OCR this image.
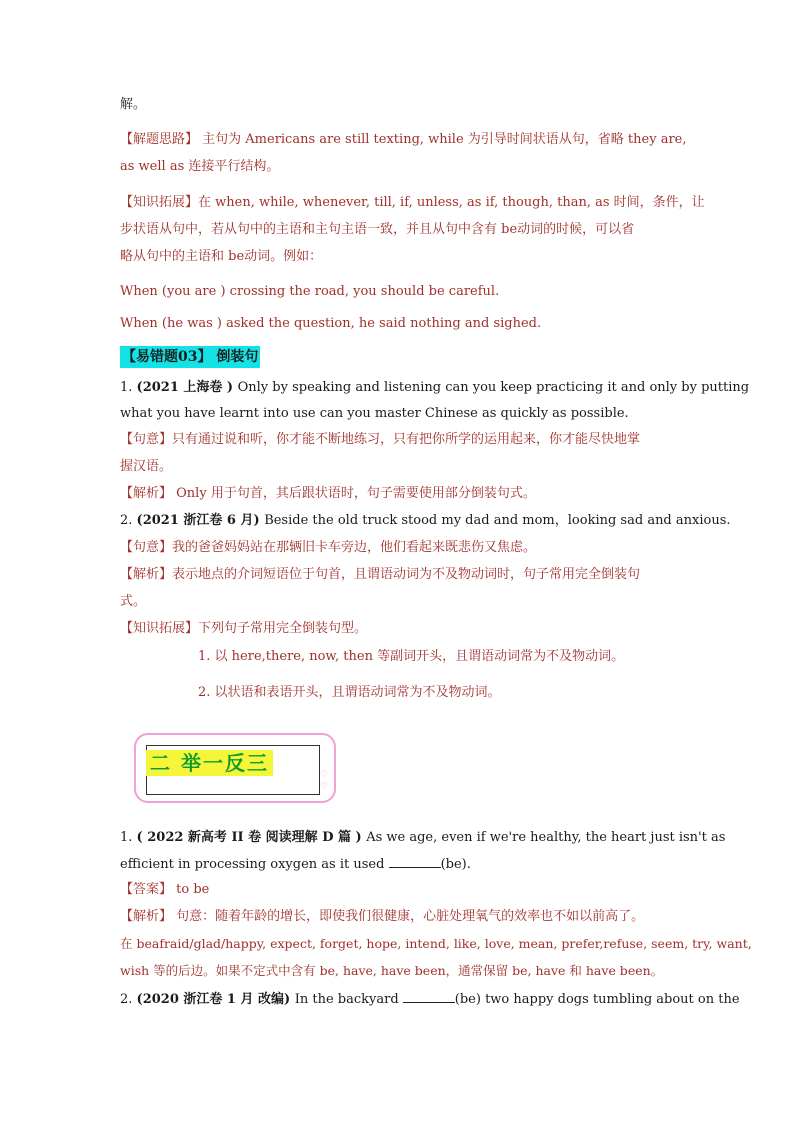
解。
【解题思路】 主句为 Americans are still texting, while 为引导时间状语从句，省略 they are,
as well as 连接平行结构。
【知识拓展】在 when, while, whenever, till, if, unless, as if, though, than, as 时间，条件，让
步状语从句中，若从句中的主语和主句主语一致，并且从句中含有 be动词的时候，可以省
略从句中的主语和 be动词。例如：
When (you are ) crossing the road, you should be careful.
When (he was ) asked the question, he said nothing and sighed.
【易错题03】 倒装句
1. (2021 上海卷 ) Only by speaking and listening can you keep practicing it and only by putting
what you have learnt into use can you master Chinese as quickly as possible.
【句意】只有通过说和听，你才能不断地练习，只有把你所学的运用起来，你才能尽快地掌
握汉语。
【解析】 Only 用于句首，其后跟状语时，句子需要使用部分倒装句式。
2. (2021 浙江卷 6 月) Beside the old truck stood my dad and mom，looking sad and anxious.
【句意】我的爸爸妈妈站在那辆旧卡车旁边，他们看起来既悲伤又焦虑。
【解析】表示地点的介词短语位于句首，且谓语动词为不及物动词时，句子常用完全倒装句
式。
【知识拓展】下列句子常用完全倒装句型。
1. 以 here,there, now, then 等副词开头，且谓语动词常为不及物动词。
2. 以状语和表语开头，且谓语动词常为不及物动词。
♡
♡
二 举一反三
1. ( 2022 新高考 II 卷 阅读理解 D 篇 ) As we age, even if we're healthy, the heart just isn't as
efficient in processing oxygen as it used	(be).
【答案】 to be
【解析】 句意：随着年龄的增长，即使我们很健康，心脏处理氧气的效率也不如以前高了。
在 beafraid/glad/happy, expect, forget, hope, intend, like, love, mean, prefer,refuse, seem, try, want,
wish 等的后边。如果不定式中含有 be, have, have been，通常保留 be, have 和 have been。
2. (2020 浙江卷 1 月 改编) In the backyard	(be) two happy dogs tumbling about on the
